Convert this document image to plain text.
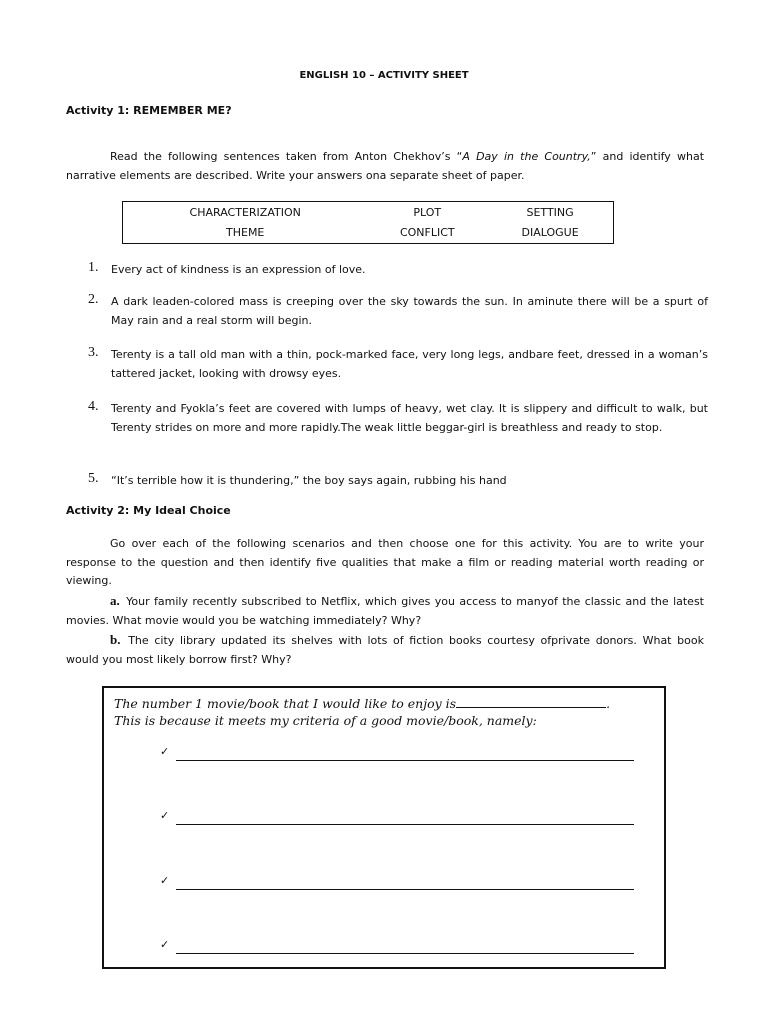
ENGLISH 10 – ACTIVITY SHEET
Activity 1: REMEMBER ME?
Read the following sentences taken from Anton Chekhov’s “A Day in the Country,” and identify what narrative elements are described. Write your answers ona separate sheet of paper.
CHARACTERIZATION	PLOT	SETTING
THEME	CONFLICT	DIALOGUE
1. Every act of kindness is an expression of love.
2. A dark leaden-colored mass is creeping over the sky towards the sun. In aminute there will be a spurt of May rain and a real storm will begin.
3. Terenty is a tall old man with a thin, pock-marked face, very long legs, andbare feet, dressed in a woman’s tattered jacket, looking with drowsy eyes.
4. Terenty and Fyokla’s feet are covered with lumps of heavy, wet clay. It is slippery and difficult to walk, but Terenty strides on more and more rapidly.The weak little beggar-girl is breathless and ready to stop.
5. “It’s terrible how it is thundering,” the boy says again, rubbing his hand
Activity 2: My Ideal Choice
Go over each of the following scenarios and then choose one for this activity. You are to write your response to the question and then identify five qualities that make a film or reading material worth reading or viewing.
a. Your family recently subscribed to Netflix, which gives you access to manyof the classic and the latest movies. What movie would you be watching immediately? Why?
b. The city library updated its shelves with lots of fiction books courtesy ofprivate donors. What book would you most likely borrow first? Why?
The number 1 movie/book that I would like to enjoy is	.
This is because it meets my criteria of a good movie/book, namely:
✓
✓
✓
✓
